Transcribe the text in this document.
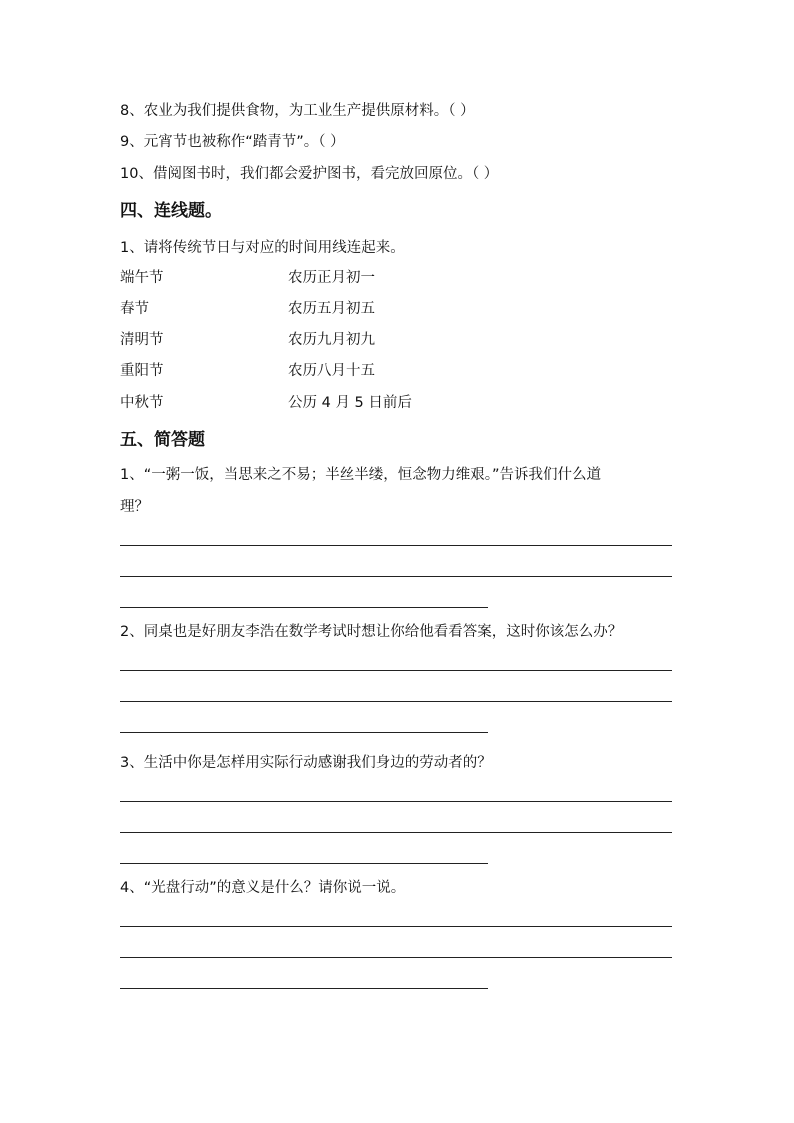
8、农业为我们提供食物，为工业生产提供原材料。（ ）
9、元宵节也被称作“踏青节”。（ ）
10、借阅图书时，我们都会爱护图书，看完放回原位。（ ）
四、连线题。
1、请将传统节日与对应的时间用线连起来。
端午节	农历正月初一
春节	农历五月初五
清明节	农历九月初九
重阳节	农历八月十五
中秋节	公历 4 月 5 日前后
五、简答题
1、“一粥一饭，当思来之不易；半丝半缕，恒念物力维艰。”告诉我们什么道
理？
2、同桌也是好朋友李浩在数学考试时想让你给他看看答案，这时你该怎么办？
3、生活中你是怎样用实际行动感谢我们身边的劳动者的？
4、“光盘行动”的意义是什么？请你说一说。
